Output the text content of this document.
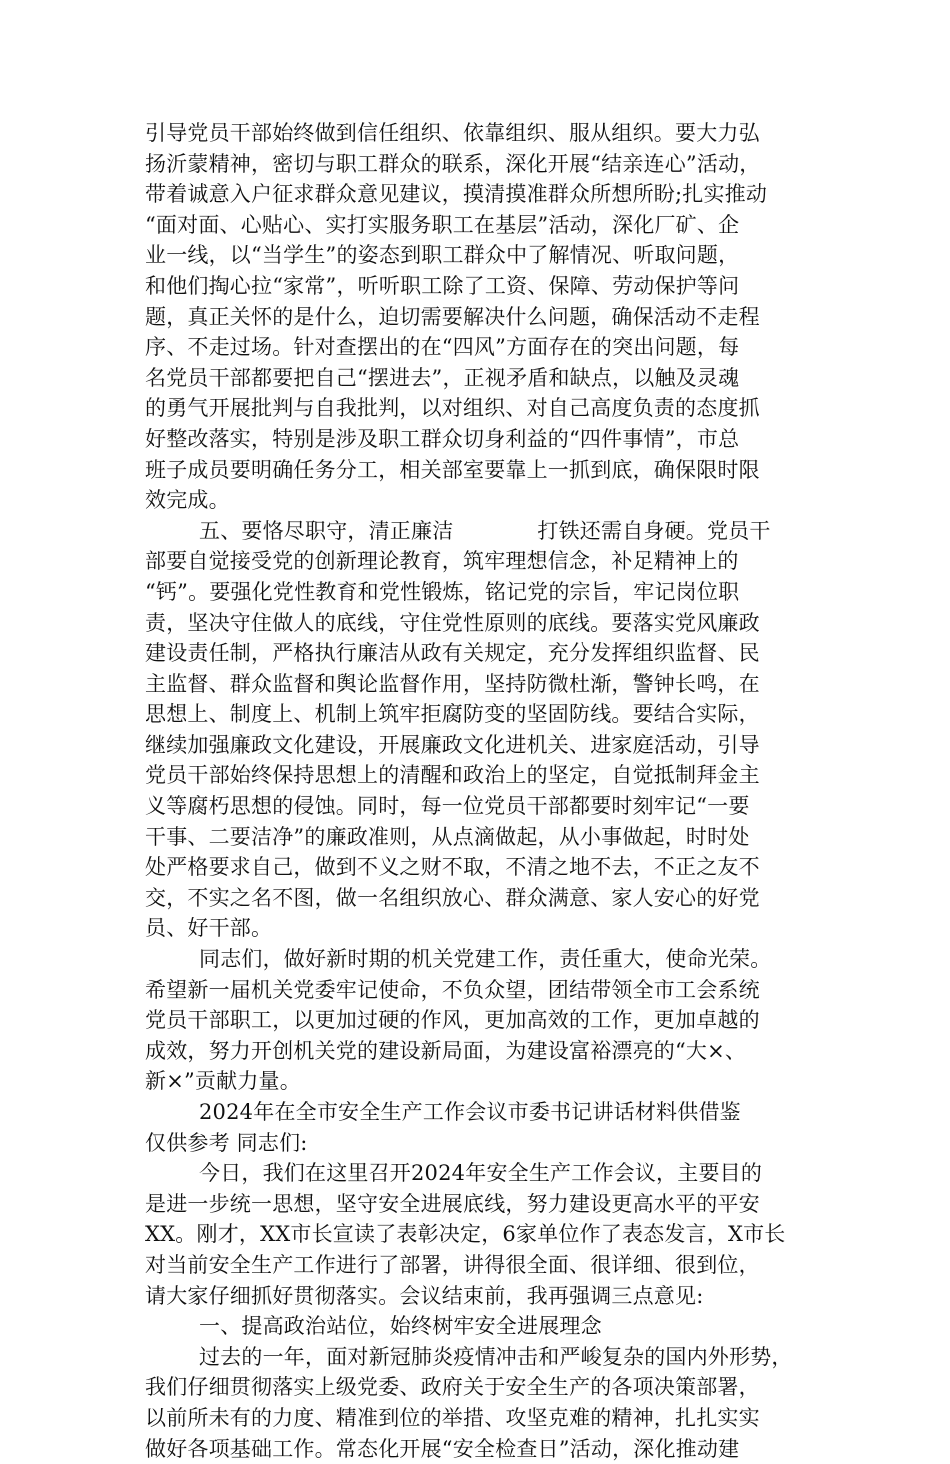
引导党员干部始终做到信任组织、依靠组织、服从组织。要大力弘
扬沂蒙精神，密切与职工群众的联系，深化开展“结亲连心”活动，
带着诚意入户征求群众意见建议，摸清摸准群众所想所盼;扎实推动
“面对面、心贴心、实打实服务职工在基层”活动，深化厂矿、企
业一线，以“当学生”的姿态到职工群众中了解情况、听取问题，
和他们掏心拉“家常”，听听职工除了工资、保障、劳动保护等问
题，真正关怀的是什么，迫切需要解决什么问题，确保活动不走程
序、不走过场。针对查摆出的在“四风”方面存在的突出问题，每
名党员干部都要把自己“摆进去”，正视矛盾和缺点，以触及灵魂
的勇气开展批判与自我批判，以对组织、对自己高度负责的态度抓
好整改落实，特别是涉及职工群众切身利益的“四件事情”，市总
班子成员要明确任务分工，相关部室要靠上一抓到底，确保限时限
效完成。
五、要恪尽职守，清正廉洁	打铁还需自身硬。党员干
部要自觉接受党的创新理论教育，筑牢理想信念，补足精神上的
“钙”。要强化党性教育和党性锻炼，铭记党的宗旨，牢记岗位职
责，坚决守住做人的底线，守住党性原则的底线。要落实党风廉政
建设责任制，严格执行廉洁从政有关规定，充分发挥组织监督、民
主监督、群众监督和舆论监督作用，坚持防微杜渐，警钟长鸣，在
思想上、制度上、机制上筑牢拒腐防变的坚固防线。要结合实际，
继续加强廉政文化建设，开展廉政文化进机关、进家庭活动，引导
党员干部始终保持思想上的清醒和政治上的坚定，自觉抵制拜金主
义等腐朽思想的侵蚀。同时，每一位党员干部都要时刻牢记“一要
干事、二要洁净”的廉政准则，从点滴做起，从小事做起，时时处
处严格要求自己，做到不义之财不取，不清之地不去，不正之友不
交，不实之名不图，做一名组织放心、群众满意、家人安心的好党
员、好干部。
同志们，做好新时期的机关党建工作，责任重大，使命光荣。
希望新一届机关党委牢记使命，不负众望，团结带领全市工会系统
党员干部职工，以更加过硬的作风，更加高效的工作，更加卓越的
成效，努力开创机关党的建设新局面，为建设富裕漂亮的“大×、
新×”贡献力量。
2024年在全市安全生产工作会议市委书记讲话材料供借鉴
仅供参考 同志们:
今日，我们在这里召开2024年安全生产工作会议，主要目的
是进一步统一思想，坚守安全进展底线，努力建设更高水平的平安
XX。刚才，XX市长宣读了表彰决定，6家单位作了表态发言，X市长
对当前安全生产工作进行了部署，讲得很全面、很详细、很到位，
请大家仔细抓好贯彻落实。会议结束前，我再强调三点意见:
一、提高政治站位，始终树牢安全进展理念
过去的一年，面对新冠肺炎疫情冲击和严峻复杂的国内外形势，
我们仔细贯彻落实上级党委、政府关于安全生产的各项决策部署，
以前所未有的力度、精准到位的举措、攻坚克难的精神，扎扎实实
做好各项基础工作。常态化开展“安全检查日”活动，深化推动建
